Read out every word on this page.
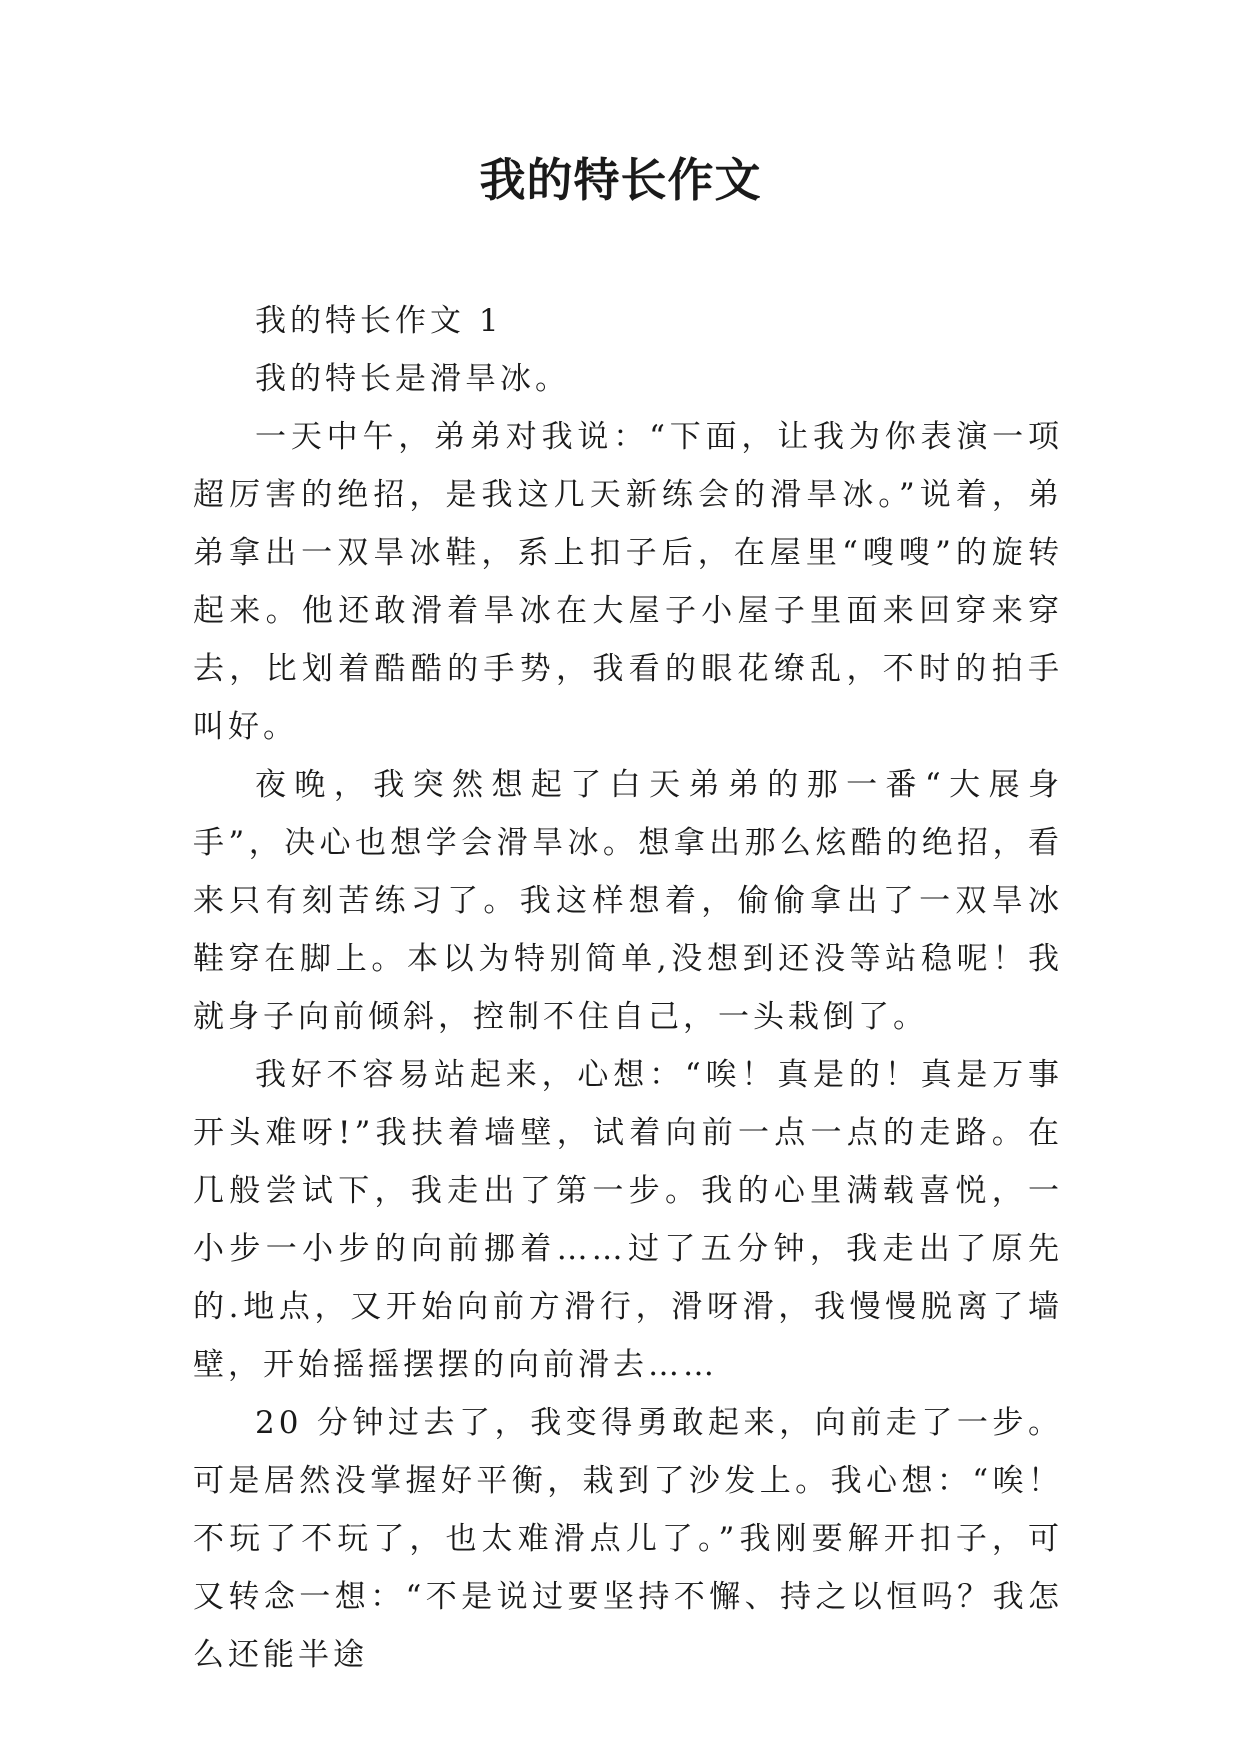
我的特长作文

我的特长作文 1

我的特长是滑旱冰。

一天中午，弟弟对我说：“下面，让我为你表演一项超厉害的绝招，是我这几天新练会的滑旱冰。”说着，弟弟拿出一双旱冰鞋，系上扣子后，在屋里“嗖嗖”的旋转起来。他还敢滑着旱冰在大屋子小屋子里面来回穿来穿去，比划着酷酷的手势，我看的眼花缭乱，不时的拍手叫好。

夜晚，我突然想起了白天弟弟的那一番“大展身手”，决心也想学会滑旱冰。想拿出那么炫酷的绝招，看来只有刻苦练习了。我这样想着，偷偷拿出了一双旱冰鞋穿在脚上。本以为特别简单,没想到还没等站稳呢！我就身子向前倾斜，控制不住自己，一头栽倒了。

我好不容易站起来，心想：“唉！真是的！真是万事开头难呀!”我扶着墙壁，试着向前一点一点的走路。在几般尝试下，我走出了第一步。我的心里满载喜悦，一小步一小步的向前挪着……过了五分钟，我走出了原先的.地点，又开始向前方滑行，滑呀滑，我慢慢脱离了墙壁，开始摇摇摆摆的向前滑去……

20 分钟过去了，我变得勇敢起来，向前走了一步。可是居然没掌握好平衡，栽到了沙发上。我心想：“唉！不玩了不玩了，也太难滑点儿了。”我刚要解开扣子，可又转念一想：“不是说过要坚持不懈、持之以恒吗？我怎么还能半途
